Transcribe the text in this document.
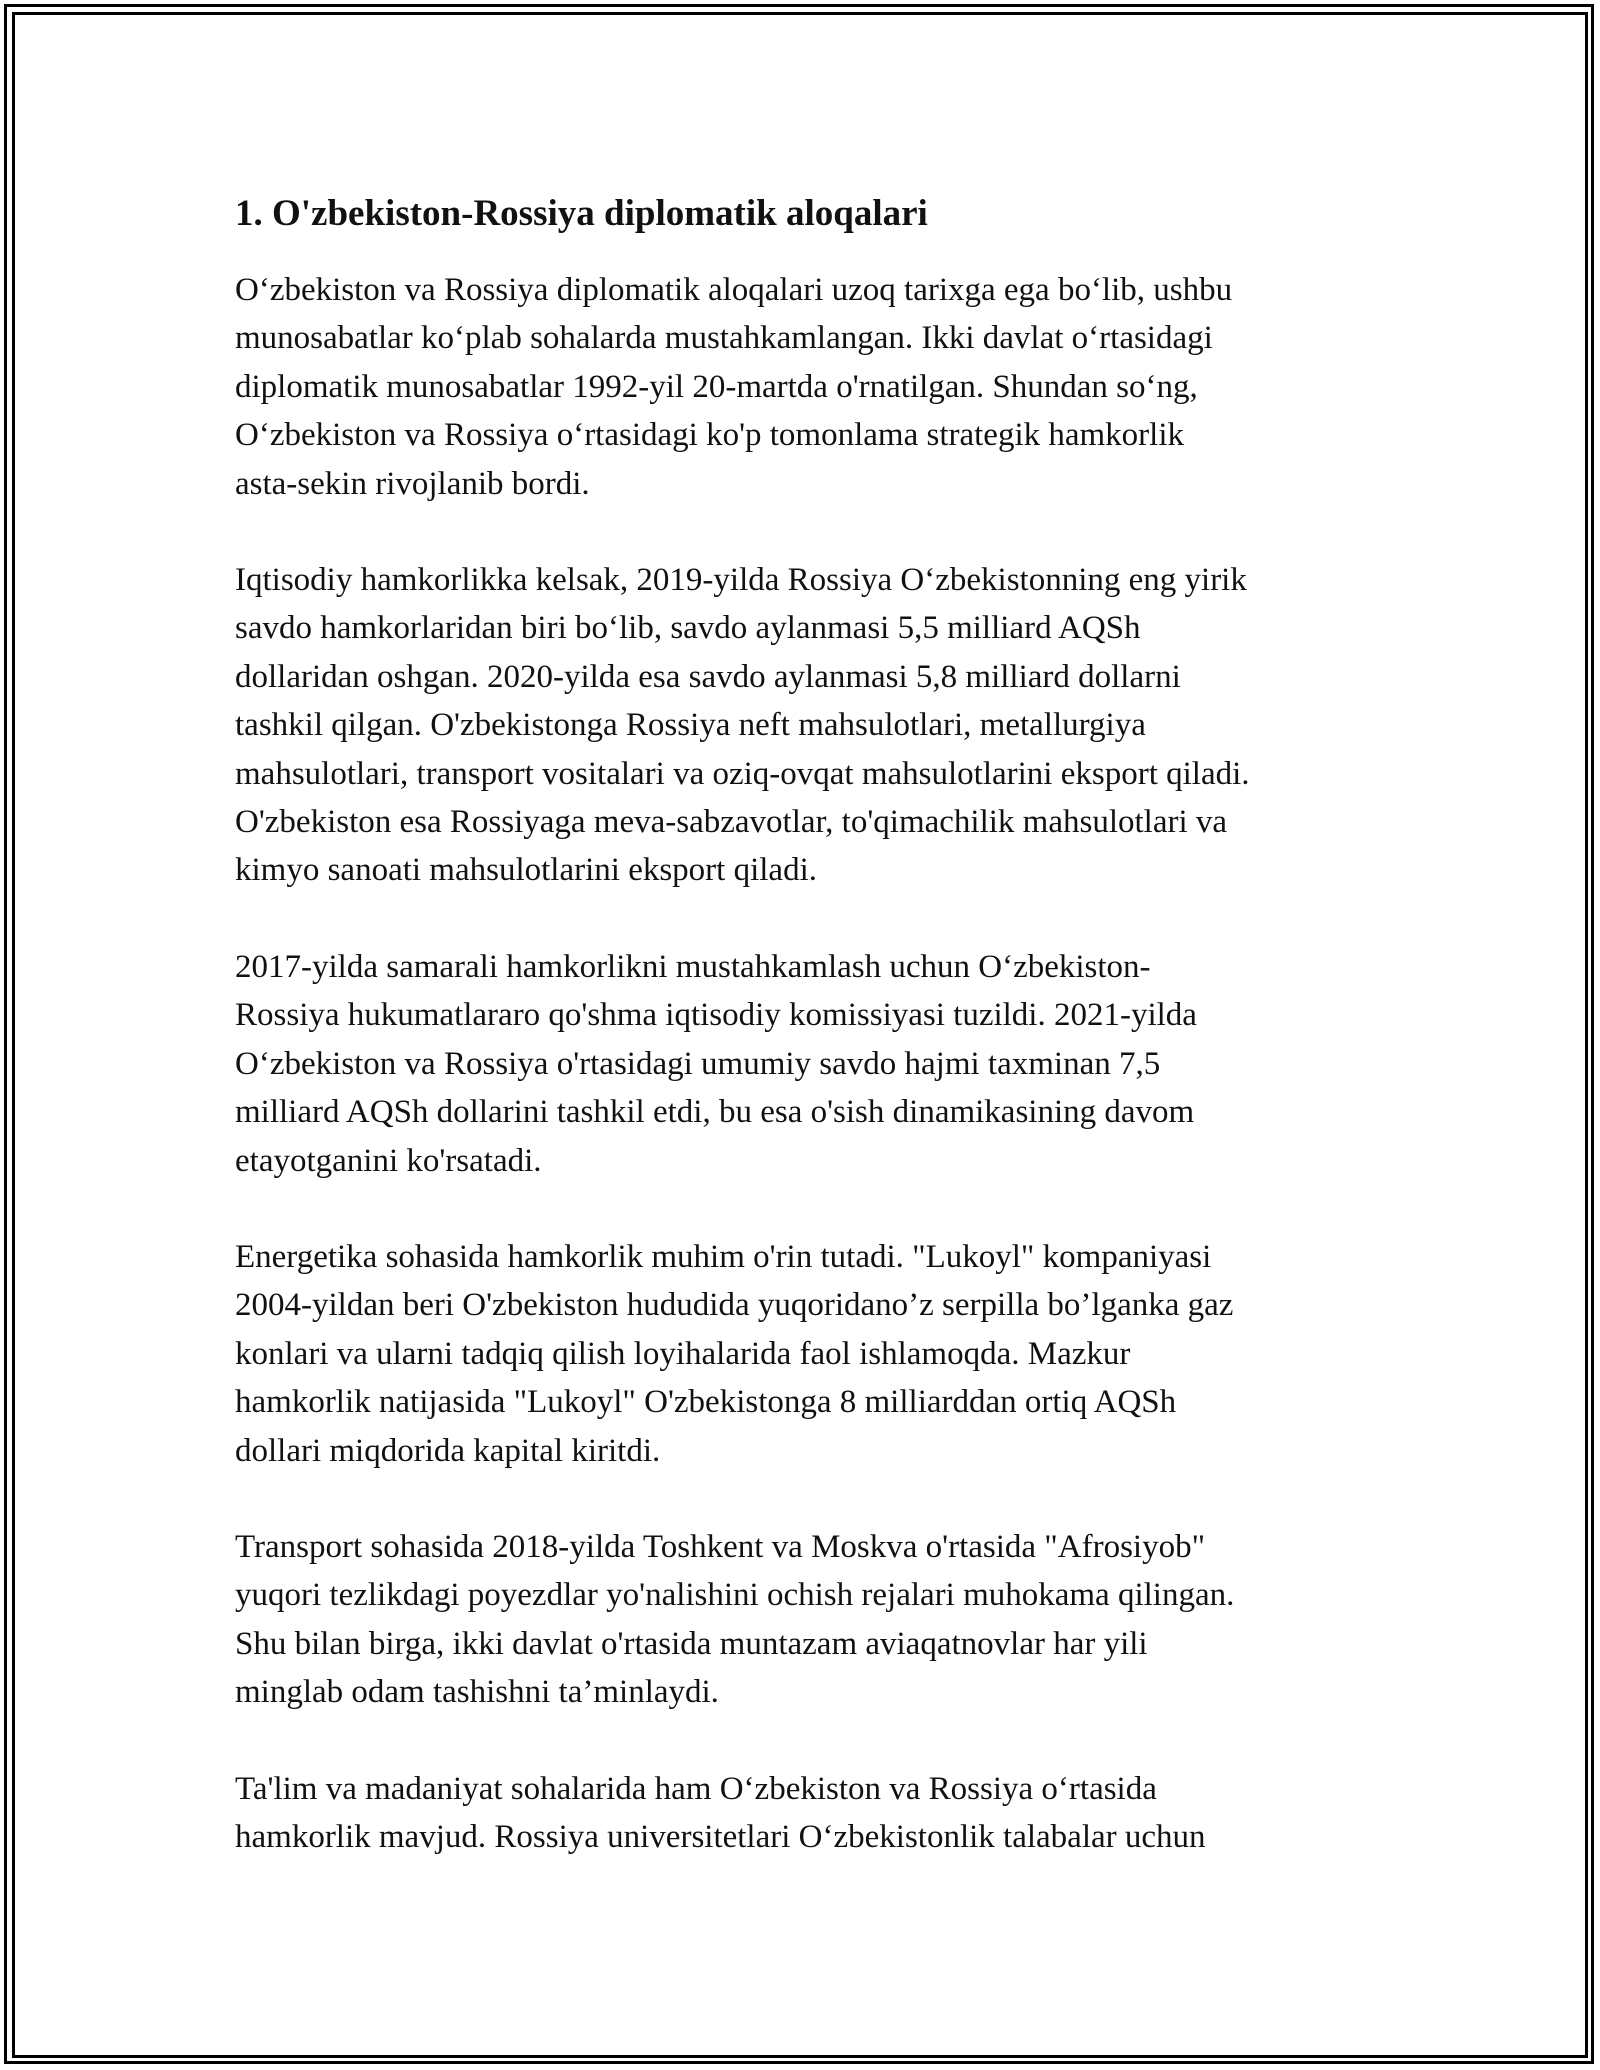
1. O'zbekiston-Rossiya diplomatik aloqalari

O‘zbekiston va Rossiya diplomatik aloqalari uzoq tarixga ega bo‘lib, ushbu
munosabatlar ko‘plab sohalarda mustahkamlangan. Ikki davlat o‘rtasidagi
diplomatik munosabatlar 1992-yil 20-martda o'rnatilgan. Shundan so‘ng,
O‘zbekiston va Rossiya o‘rtasidagi ko'p tomonlama strategik hamkorlik
asta-sekin rivojlanib bordi.

Iqtisodiy hamkorlikka kelsak, 2019-yilda Rossiya O‘zbekistonning eng yirik
savdo hamkorlaridan biri bo‘lib, savdo aylanmasi 5,5 milliard AQSh
dollaridan oshgan. 2020-yilda esa savdo aylanmasi 5,8 milliard dollarni
tashkil qilgan. O'zbekistonga Rossiya neft mahsulotlari, metallurgiya
mahsulotlari, transport vositalari va oziq-ovqat mahsulotlarini eksport qiladi.
O'zbekiston esa Rossiyaga meva-sabzavotlar, to'qimachilik mahsulotlari va
kimyo sanoati mahsulotlarini eksport qiladi.

2017-yilda samarali hamkorlikni mustahkamlash uchun O‘zbekiston-
Rossiya hukumatlararo qo'shma iqtisodiy komissiyasi tuzildi. 2021-yilda
O‘zbekiston va Rossiya o'rtasidagi umumiy savdo hajmi taxminan 7,5
milliard AQSh dollarini tashkil etdi, bu esa o'sish dinamikasining davom
etayotganini ko'rsatadi.

Energetika sohasida hamkorlik muhim o'rin tutadi. "Lukoyl" kompaniyasi
2004-yildan beri O'zbekiston hududida yuqoridano’z serpilla bo’lganka gaz
konlari va ularni tadqiq qilish loyihalarida faol ishlamoqda. Mazkur
hamkorlik natijasida "Lukoyl" O'zbekistonga 8 milliarddan ortiq AQSh
dollari miqdorida kapital kiritdi.

Transport sohasida 2018-yilda Toshkent va Moskva o'rtasida "Afrosiyob"
yuqori tezlikdagi poyezdlar yo'nalishini ochish rejalari muhokama qilingan.
Shu bilan birga, ikki davlat o'rtasida muntazam aviaqatnovlar har yili
minglab odam tashishni ta’minlaydi.

Ta'lim va madaniyat sohalarida ham O‘zbekiston va Rossiya o‘rtasida
hamkorlik mavjud. Rossiya universitetlari O‘zbekistonlik talabalar uchun
